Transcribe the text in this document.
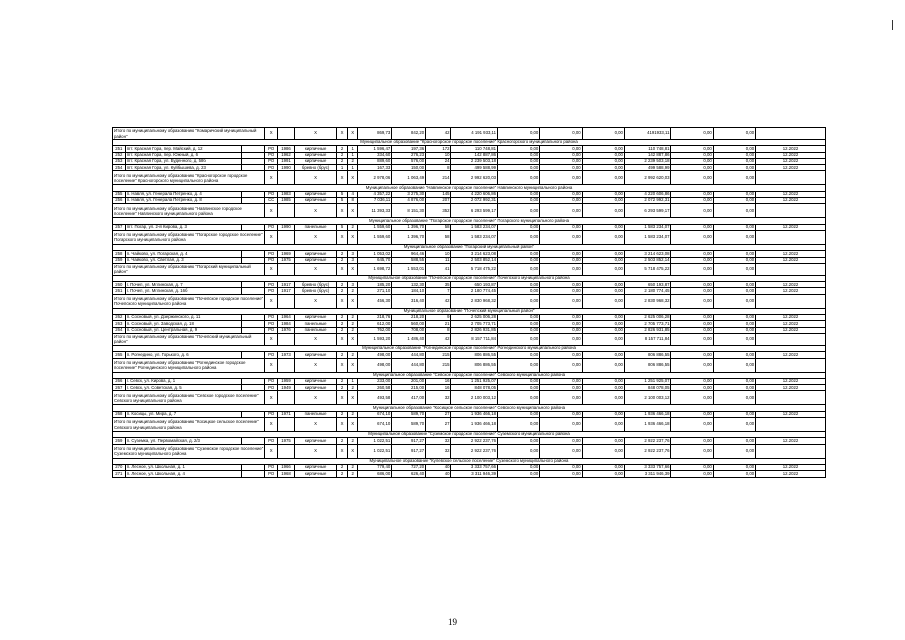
Итого по муниципальному образованию "Комаричский муниципальный район"			Х		Х	Х	Х	869,73	842,20	42	4 191 933,11	0,00	0,00	0,00	4191933,11	0,00	0,00	
Муниципальное образование "Красногорское городское поселение" Красногорского муниципального района																		
251	пгт. Красная Гора, пер. Майский, д. 12		РО	1986	кирпичные	2	1	1 596,47	197,36	172	110 748,81	0,00	0,00	0,00	110 748,81	0,00	0,00	12.2022
252	пгт. Красная Гора, пер. Южный, д. 6		РО	1962	кирпичные	2	1	334,60	276,23	10	142 887,86	0,00	0,00	0,00	142 887,86	0,00	0,00	12.2022
253	пгт. Красная Гора, ул. Буденного, д. 58б		РО	1991	кирпичные	2	2	889,60	576,00	24	2 239 503,18	0,00	0,00	0,00	2 239 503,18	0,00	0,00	12.2022
254	пгт. Красная Гора, ул. Куйбышева, д. 23		РО	1990	бревно (брус)	1	1	167,33	150,00	8	499 588,99	0,00	0,00	0,00	499 588,99	0,00	0,00	12.2022
Итого по муниципальному образованию "Красногорское городское поселение" Красногорского муниципального района			Х		Х	Х	Х	2 978,06	1 063,49	214	2 992 620,03	0,00	0,00	0,00	2 992 620,03	0,00	0,00	
Муниципальное образование "Навлинское городское поселение" Навлинского муниципального района																		
255	п. Навля, ул. Генерала Петренко, д. 4		РО	1983	кирпичные	5	4	4 357,22	3 275,30	145	4 220 606,86	0,00	0,00	0,00	4 220 606,86	0,00	0,00	12.2022
256	п. Навля, ул. Генерала Петренко, д. 8		СС	1985	кирпичные	5	8	7 036,11	4 876,00	207	2 072 992,31	0,00	0,00	0,00	2 072 992,31	0,00	0,00	12.2022
Итого по муниципальному образованию "Навлинское городское поселение" Навлинского муниципального района			Х		Х	Х	Х	11 393,33	8 151,30	352	6 293 599,17	0,00	0,00	0,00	6 293 599,17	0,00	0,00	
Муниципальное образование "Погарское городское поселение" Погарского муниципального района																		
257	пгт. Погар, ул. 2-й Кирова, д. 3		РО	1990	панельные	5	2	1 559,60	1 396,70	58	1 583 234,07	0,00	0,00	0,00	1 583 234,07	0,00	0,00	12.2022
Итого по муниципальному образованию "Погарское городское поселение" Погарского муниципального района			Х		Х	Х	Х	1 559,60	1 396,70	58	1 583 234,07	0,00	0,00	0,00	1 583 234,07	0,00	0,00	
Муниципальное образование "Погарский муниципальный район"																		
258	п. Чайково, ул. Погарская, д. 4		РО	1969	кирпичные	2	3	1 053,02	964,46	10	3 214 623,08	0,00	0,00	0,00	3 214 623,08	0,00	0,00	12.2022
259	п. Чайково, ул. Светлая, д. 3		РО	1975	кирпичные	2	3	645,70	588,55	11	2 503 852,14	0,00	0,00	0,00	2 503 852,14	0,00	0,00	12.2022
Итого по муниципальному образованию "Погарский муниципальный район"			Х		Х	Х	Х	1 698,72	1 553,01	41	5 718 475,22	0,00	0,00	0,00	5 718 475,22	0,00	0,00	
Муниципальное образование "Почепское городское поселение" Почепского муниципального района																		
260	г. Почеп, ул. Мглинская, д. 7		РО	1917	бревно (брус)	2	3	185,20	132,30	35	650 193,87	0,00	0,00	0,00	650 193,87	0,00	0,00	12.2022
261	г. Почеп, ул. Мглинская, д. 16б		РО	1917	бревно (брус)	2	2	271,10	184,10	7	2 180 774,45	0,00	0,00	0,00	2 180 774,45	0,00	0,00	12.2022
Итого по муниципальному образованию "Почепское городское поселение" Почепского муниципального района			Х		Х	Х	Х	456,30	316,40	42	2 830 968,32	0,00	0,00	0,00	2 830 968,32	0,00	0,00	
Муниципальное образование "Почепский муниципальный район"																		
262	п. Сосновый, ул. Дзержинского, д. 11		РО	1964	кирпичные	2	2	218,76	218,20	9	2 625 006,28	0,00	0,00	0,00	2 625 006,28	0,00	0,00	12.2022
263	п. Сосновый, ул. Заводская, д. 18		РО	1984	панельные	2	2	612,00	560,00	21	2 705 773,71	0,00	0,00	0,00	2 705 773,71	0,00	0,00	12.2022
264	п. Сосновый, ул. Центральная, д. 9		РО	1976	панельные	2	2	762,00	708,00	8	2 826 931,85	0,00	0,00	0,00	2 826 931,85	0,00	0,00	12.2022
Итого по муниципальному образованию "Почепский муниципальный район"			Х		Х	Х	Х	1 593,20	1 486,40	42	8 157 711,84	0,00	0,00	0,00	8 157 711,84	0,00	0,00	
Муниципальное образование "Рогнединское городское поселение" Рогнединского муниципального района																		
265	п. Рогнедино, ул. Горького, д. 6		РО	1973	кирпичные	2	2	498,00	444,80	215	806 886,55	0,00	0,00	0,00	806 886,55	0,00	0,00	12.2022
Итого по муниципальному образованию "Рогнединское городское поселение" Рогнединского муниципального района			Х		Х	Х	Х	498,00	444,80	215	806 886,55	0,00	0,00	0,00	806 886,55	0,00	0,00	
Муниципальное образование "Севское городское поселение" Севского муниципального района																		
266	г. Севск, ул. Кирова, д. 1		РО	1959	кирпичные	2	1	233,00	201,00	16	1 251 925,07	0,00	0,00	0,00	1 251 925,07	0,00	0,00	12.2022
267	г. Севск, ул. Советская, д. 5		РО	1949	кирпичные	2	2	260,58	215,00	16	848 078,05	0,00	0,00	0,00	848 078,05	0,00	0,00	12.2022
Итого по муниципальному образованию "Севское городское поселение" Севского муниципального района			Х		Х	Х	Х	493,58	417,00	32	2 100 003,12	0,00	0,00	0,00	2 100 003,12	0,00	0,00	
Муниципальное образование "Косицкое сельское поселение" Севского муниципального района																		
268	п. Косицы, ул. Мира, д. 7		РО	1971	панельные	2	2	674,10	589,70	27	1 936 466,18	0,00	0,00	0,00	1 936 466,18	0,00	0,00	12.2022
Итого по муниципальному образованию "Косицкое сельское поселение" Севского муниципального района			Х		Х	Х	Х	674,10	589,70	27	1 936 466,18	0,00	0,00	0,00	1 936 466,18	0,00	0,00	
Муниципальное образование "Суземское городское поселение" Суземского муниципального района																		
269	п. Суземка, ул. Первомайская, д. 2/3		РО	1975	кирпичные	2	2	1 022,51	917,27	32	2 922 237,76	0,00	0,00	0,00	2 922 237,76	0,00	0,00	12.2022
Итого по муниципальному образованию "Суземское городское поселение" Суземского муниципального района			Х		Х	Х	Х	1 022,51	917,27	32	2 922 237,76	0,00	0,00	0,00	2 922 237,76	0,00	0,00	
Муниципальное образование "Кулевское сельское поселение" Суземского муниципального района																		
270	п. Лесное, ул. Школьная, д. 1		РО	1966	кирпичные	2	2	779,40	727,20	40	3 333 757,66	0,00	0,00	0,00	3 333 757,66	0,00	0,00	12.2022
271	п. Лесное, ул. Школьная, д. 4		РО	1968	кирпичные	2	2	686,00	626,40	40	3 311 946,39	0,00	0,00	0,00	3 311 946,39	0,00	0,00	12.2022
19
